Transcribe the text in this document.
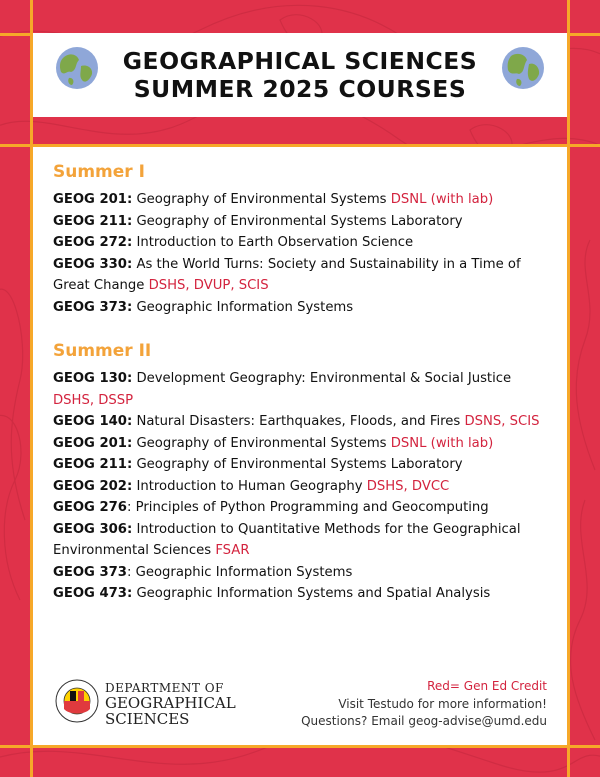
GEOGRAPHICAL SCIENCES
SUMMER 2025 COURSES
Summer I

GEOG 201: Geography of Environmental Systems DSNL (with lab)

GEOG 211: Geography of Environmental Systems Laboratory

GEOG 272: Introduction to Earth Observation Science

GEOG 330: As the World Turns: Society and Sustainability in a Time of Great Change DSHS, DVUP, SCIS

GEOG 373: Geographic Information Systems

Summer II

GEOG 130: Development Geography: Environmental & Social Justice DSHS, DSSP

GEOG 140: Natural Disasters: Earthquakes, Floods, and Fires DSNS, SCIS

GEOG 201: Geography of Environmental Systems DSNL (with lab)

GEOG 211: Geography of Environmental Systems Laboratory

GEOG 202: Introduction to Human Geography DSHS, DVCC

GEOG 276: Principles of Python Programming and Geocomputing

GEOG 306: Introduction to Quantitative Methods for the Geographical Environmental Sciences FSAR

GEOG 373: Geographic Information Systems

GEOG 473: Geographic Information Systems and Spatial Analysis

DEPARTMENT OF
GEOGRAPHICAL
SCIENCES
Red= Gen Ed Credit
Visit Testudo for more information!
Questions? Email geog-advise@umd.edu
